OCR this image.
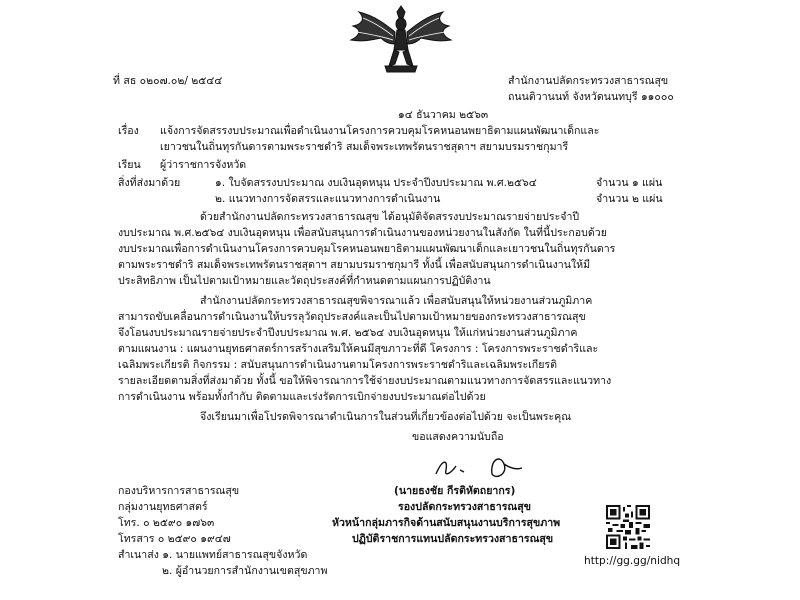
ที่ สธ ๐๒๐๗.๐๒/ ๒๕๔๔	สำนักงานปลัดกระทรวงสาธารณสุข
ถนนติวานนท์ จังหวัดนนทบุรี ๑๑๐๐๐
๑๔ ธันวาคม ๒๕๖๓
เรื่อง แจ้งการจัดสรรงบประมาณเพื่อดำเนินงานโครงการควบคุมโรคหนอนพยาธิตามแผนพัฒนาเด็กและ
เยาวชนในถิ่นทุรกันดารตามพระราชดำริ สมเด็จพระเทพรัตนราชสุดาฯ สยามบรมราชกุมารี
เรียน ผู้ว่าราชการจังหวัด
สิ่งที่ส่งมาด้วย	๑. ใบจัดสรรงบประมาณ งบเงินอุดหนุน ประจำปีงบประมาณ พ.ศ.๒๕๖๔	จำนวน ๑ แผ่น
๒. แนวทางการจัดสรรและแนวทางการดำเนินงาน	จำนวน ๒ แผ่น
ด้วยสำนักงานปลัดกระทรวงสาธารณสุข ได้อนุมัติจัดสรรงบประมาณรายจ่ายประจำปี
งบประมาณ พ.ศ.๒๕๖๔ งบเงินอุดหนุน เพื่อสนับสนุนการดำเนินงานของหน่วยงานในสังกัด ในที่นี้ประกอบด้วย
งบประมาณเพื่อการดำเนินงานโครงการควบคุมโรคหนอนพยาธิตามแผนพัฒนาเด็กและเยาวชนในถิ่นทุรกันดาร
ตามพระราชดำริ สมเด็จพระเทพรัตนราชสุดาฯ สยามบรมราชกุมารี ทั้งนี้ เพื่อสนับสนุนการดำเนินงานให้มี
ประสิทธิภาพ เป็นไปตามเป้าหมายและวัตถุประสงค์ที่กำหนดตามแผนการปฏิบัติงาน
สำนักงานปลัดกระทรวงสาธารณสุขพิจารณาแล้ว เพื่อสนับสนุนให้หน่วยงานส่วนภูมิภาค
สามารถขับเคลื่อนการดำเนินงานให้บรรลุวัตถุประสงค์และเป็นไปตามเป้าหมายของกระทรวงสาธารณสุข
จึงโอนงบประมาณรายจ่ายประจำปีงบประมาณ พ.ศ. ๒๕๖๔ งบเงินอุดหนุน ให้แก่หน่วยงานส่วนภูมิภาค
ตามแผนงาน : แผนงานยุทธศาสตร์การสร้างเสริมให้คนมีสุขภาวะที่ดี โครงการ : โครงการพระราชดำริและ
เฉลิมพระเกียรติ กิจกรรม : สนับสนุนการดำเนินงานตามโครงการพระราชดำริและเฉลิมพระเกียรติ
รายละเอียดตามสิ่งที่ส่งมาด้วย ทั้งนี้ ขอให้พิจารณาการใช้จ่ายงบประมาณตามแนวทางการจัดสรรและแนวทาง
การดำเนินงาน พร้อมทั้งกำกับ ติดตามและเร่งรัดการเบิกจ่ายงบประมาณต่อไปด้วย
จึงเรียนมาเพื่อโปรดพิจารณาดำเนินการในส่วนที่เกี่ยวข้องต่อไปด้วย จะเป็นพระคุณ
ขอแสดงความนับถือ
(นายธงชัย กีรติหัตถยากร)
รองปลัดกระทรวงสาธารณสุข
หัวหน้ากลุ่มภารกิจด้านสนับสนุนงานบริการสุขภาพ
ปฏิบัติราชการแทนปลัดกระทรวงสาธารณสุข
กองบริหารการสาธารณสุข
กลุ่มงานยุทธศาสตร์
โทร. ๐ ๒๕๙๐ ๑๗๖๓
โทรสาร ๐ ๒๕๙๐ ๑๙๔๗
สำเนาส่ง ๑. นายแพทย์สาธารณสุขจังหวัด
๒. ผู้อำนวยการสำนักงานเขตสุขภาพ
http://gg.gg/nidhq
